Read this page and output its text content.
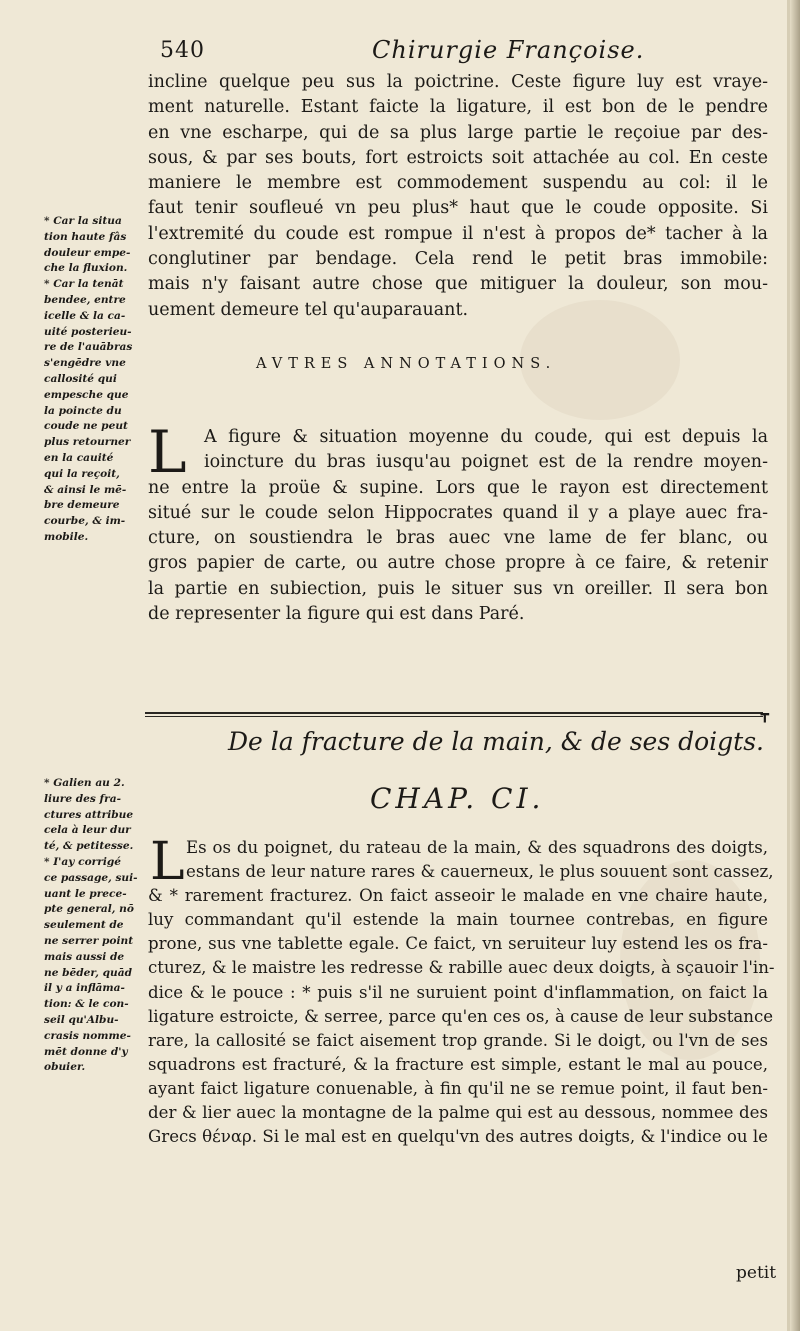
540	Chirurgie Françoise.
incline quelque peu sus la poictrine. Ceste figure luy est vraye-
ment naturelle. Estant faicte la ligature, il est bon de le pendre
en vne escharpe, qui de sa plus large partie le reçoiue par des-
sous, & par ses bouts, fort estroicts soit attachée au col. En ceste
maniere le membre est commodement suspendu au col: il le
faut tenir soufleué vn peu plus* haut que le coude opposite. Si
l'extremité du coude est rompue il n'est à propos de* tacher à la
conglutiner par bendage. Cela rend le petit bras immobile:
mais n'y faisant autre chose que mitiguer la douleur, son mou-
uement demeure tel qu'auparauant.
* Car la situa
tion haute fâs
douleur empe-
che la fluxion.
* Car la tenāt
bendee, entre
icelle & la ca-
uité posterieu-
re de l'auābras
s'engēdre vne
callosité qui
empesche que
la poincte du
coude ne peut
plus retourner
en la cauité
qui la reçoit,
& ainsi le mē-
bre demeure
courbe, & im-
mobile.
AVTRES ANNOTATIONS.
L A figure & situation moyenne du coude, qui est depuis la
ioincture du bras iusqu'au poignet est de la rendre moyen-
ne entre la proüe & supine. Lors que le rayon est directement
situé sur le coude selon Hippocrates quand il y a playe auec fra-
cture, on soustiendra le bras auec vne lame de fer blanc, ou
gros papier de carte, ou autre chose propre à ce faire, & retenir
la partie en subiection, puis le situer sus vn oreiller. Il sera bon
de representer la figure qui est dans Paré.
┳
De la fracture de la main, & de ses doigts.
CHAP. CI.
* Galien au 2.
liure des fra-
ctures attribue
cela à leur dur
té, & petitesse.
* I'ay corrigé
ce passage, sui-
uant le prece-
pte general, nō
seulement de
ne serrer point
mais aussi de
ne bēder, quād
il y a inflāma-
tion: & le con-
seil qu'Albu-
crasis nomme-
mēt donne d'y
obuier.
L Es os du poignet, du rateau de la main, & des squadrons des doigts,
estans de leur nature rares & cauerneux, le plus souuent sont cassez,
& * rarement fracturez. On faict asseoir le malade en vne chaire haute,
luy commandant qu'il estende la main tournee contrebas, en figure
prone, sus vne tablette egale. Ce faict, vn seruiteur luy estend les os fra-
cturez, & le maistre les redresse & rabille auec deux doigts, à sçauoir l'in-
dice & le pouce : * puis s'il ne suruient point d'inflammation, on faict la
ligature estroicte, & serree, parce qu'en ces os, à cause de leur substance
rare, la callosité se faict aisement trop grande. Si le doigt, ou l'vn de ses
squadrons est fracturé, & la fracture est simple, estant le mal au pouce,
ayant faict ligature conuenable, à fin qu'il ne se remue point, il faut ben-
der & lier auec la montagne de la palme qui est au dessous, nommee des
Grecs θέναρ. Si le mal est en quelqu'vn des autres doigts, & l'indice ou le
petit
